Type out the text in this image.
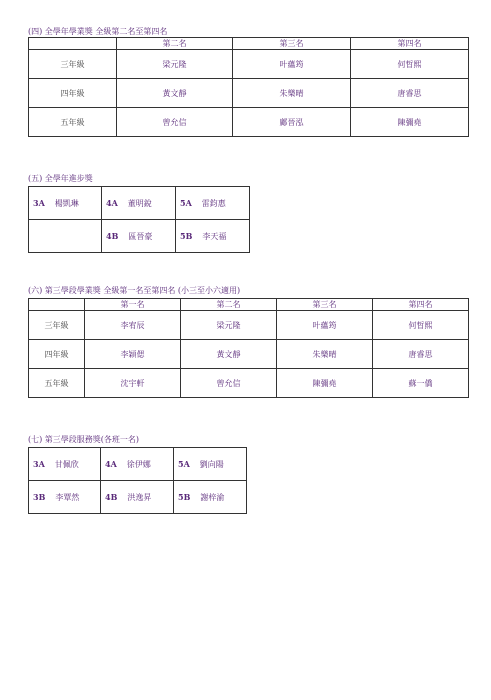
(四) 全學年學業獎 全級第二名至第四名
	第二名	第三名	第四名
三年級	梁元隆	叶蘊筠	何晢熙
四年級	黃文靜	朱樂晴	唐睿思
五年級	曾允信	鄺晉泓	陳彌堯
(五) 全學年進步獎
3A 楊凱琳	4A 董明銳	5A 雷鈞惠
	4B 區晉豪	5B 李天福
(六) 第三學段學業獎 全級第一名至第四名 (小三至小六適用)
	第一名	第二名	第三名	第四名
三年級	李宥辰	梁元隆	叶蘊筠	何晢熙
四年級	李穎偲	黃文靜	朱樂晴	唐睿思
五年級	沈宇軒	曾允信	陳彌堯	蘇一僑
(七) 第三學段服務獎(各班一名)
3A 甘佩欣	4A 徐伊娜	5A 劉向陽
3B 李覃然	4B 洪逸昇	5B 謝梓渝
